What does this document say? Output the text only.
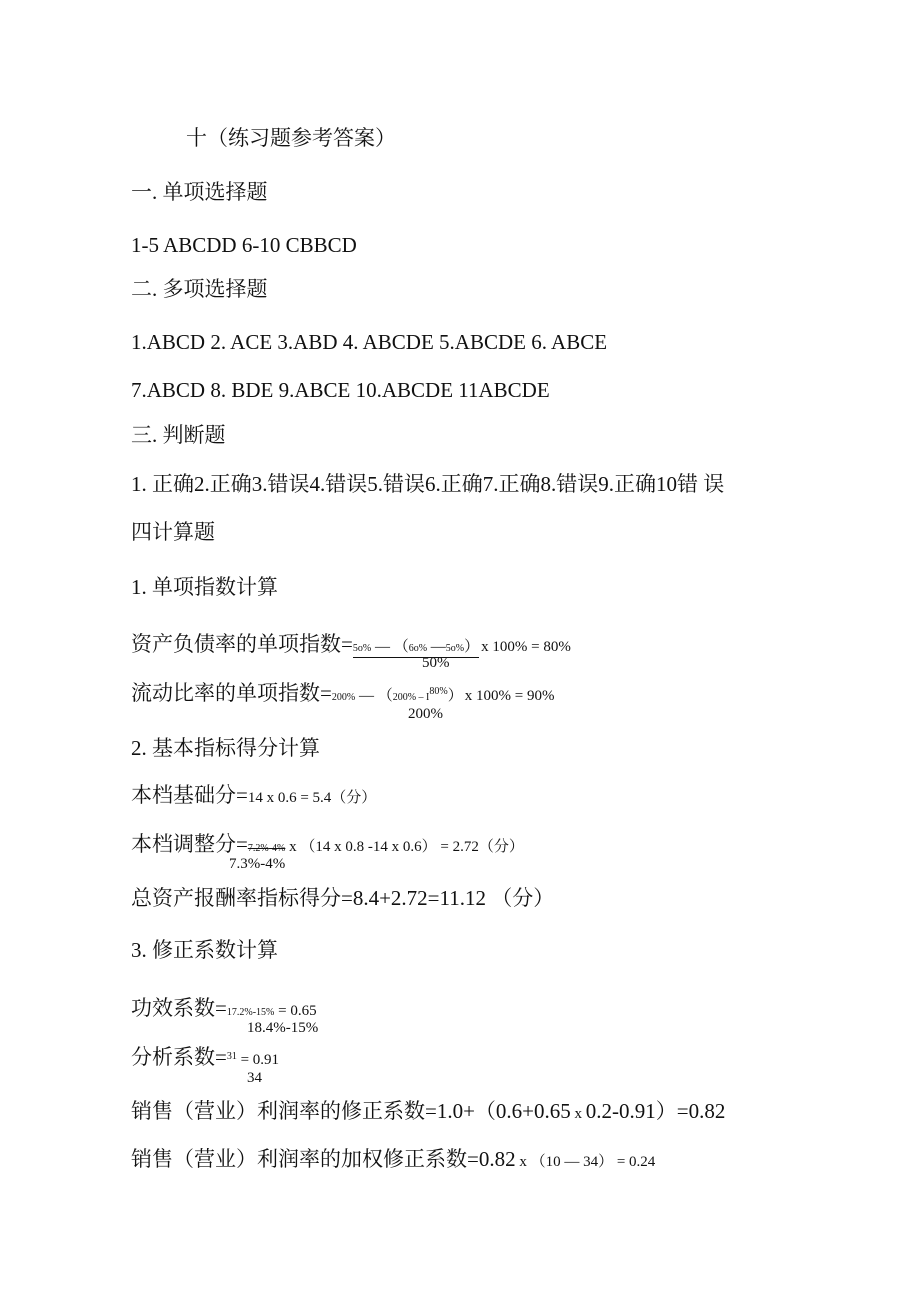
十（练习题参考答案）
一. 单项选择题
1-5 ABCDD 6-10 CBBCD
二. 多项选择题
1.ABCD 2. ACE 3.ABD 4. ABCDE 5.ABCDE 6. ABCE
7.ABCD 8. BDE 9.ABCE 10.ABCDE 11ABCDE
三. 判断题
1. 正确2.正确3.错误4.错误5.错误6.正确7.正确8.错误9.正确10错 误
四计算题
1. 单项指数计算
资产负债率的单项指数=5o% — （6o% —5o%） x 100% = 80%
50%
流动比率的单项指数=200% — $(200\% - I^{80\%})$ x 100% = 90%
200%
2. 基本指标得分计算
本档基础分=14 x 0.6 = 5.4（分）
本档调整分=7.2%-4% x （14 x 0.8 -14 x 0.6） = 2.72（分）
7.3%-4%
总资产报酬率指标得分=8.4+2.72=11.12 （分）
3. 修正系数计算
功效系数=17.2%-15% = 0.65
18.4%-15%
分析系数=$^{31}$ = 0.91
34
销售（营业）利润率的修正系数=1.0+（0.6+0.65 x 0.2-0.91）=0.82
销售（营业）利润率的加权修正系数=0.82 x （10 — 34） = 0.24
